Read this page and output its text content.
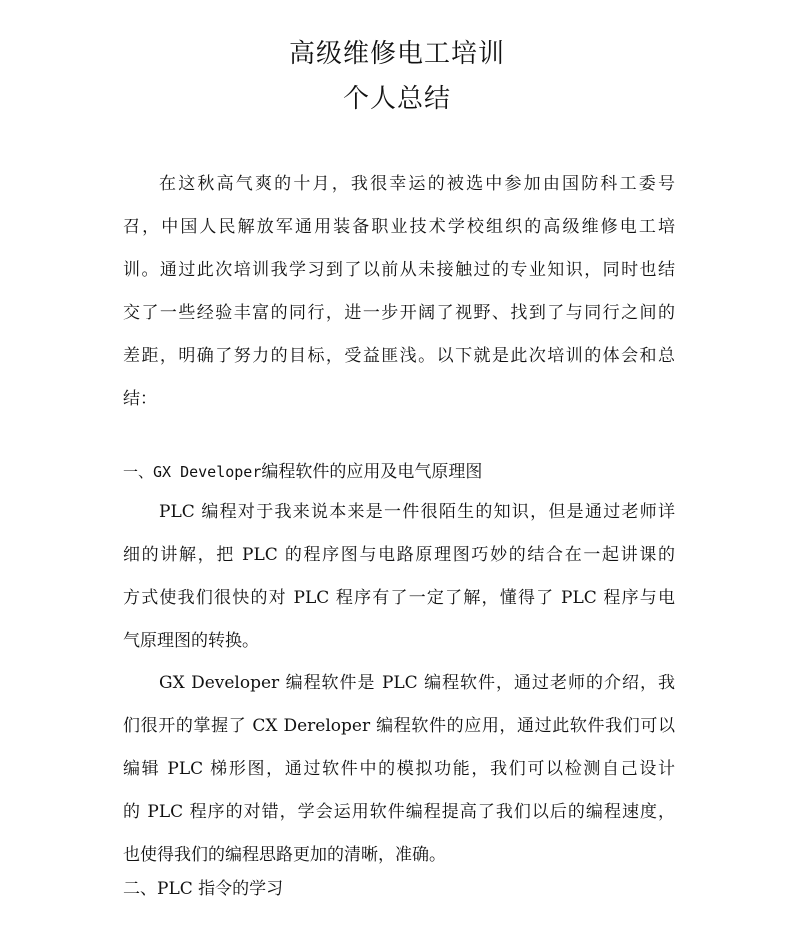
高级维修电工培训
个人总结
在这秋高气爽的十月，我很幸运的被选中参加由国防科工委号
召，中国人民解放军通用装备职业技术学校组织的高级维修电工培
训。通过此次培训我学习到了以前从未接触过的专业知识，同时也结
交了一些经验丰富的同行，进一步开阔了视野、找到了与同行之间的
差距，明确了努力的目标，受益匪浅。以下就是此次培训的体会和总
结：
一、GX Developer编程软件的应用及电气原理图
PLC 编程对于我来说本来是一件很陌生的知识，但是通过老师详
细的讲解，把 PLC 的程序图与电路原理图巧妙的结合在一起讲课的
方式使我们很快的对 PLC 程序有了一定了解，懂得了 PLC 程序与电
气原理图的转换。
GX Developer 编程软件是 PLC 编程软件，通过老师的介绍，我
们很开的掌握了 CX Dereloper 编程软件的应用，通过此软件我们可以
编辑 PLC 梯形图，通过软件中的模拟功能，我们可以检测自己设计
的 PLC 程序的对错，学会运用软件编程提高了我们以后的编程速度，
也使得我们的编程思路更加的清晰，准确。
二、PLC 指令的学习
